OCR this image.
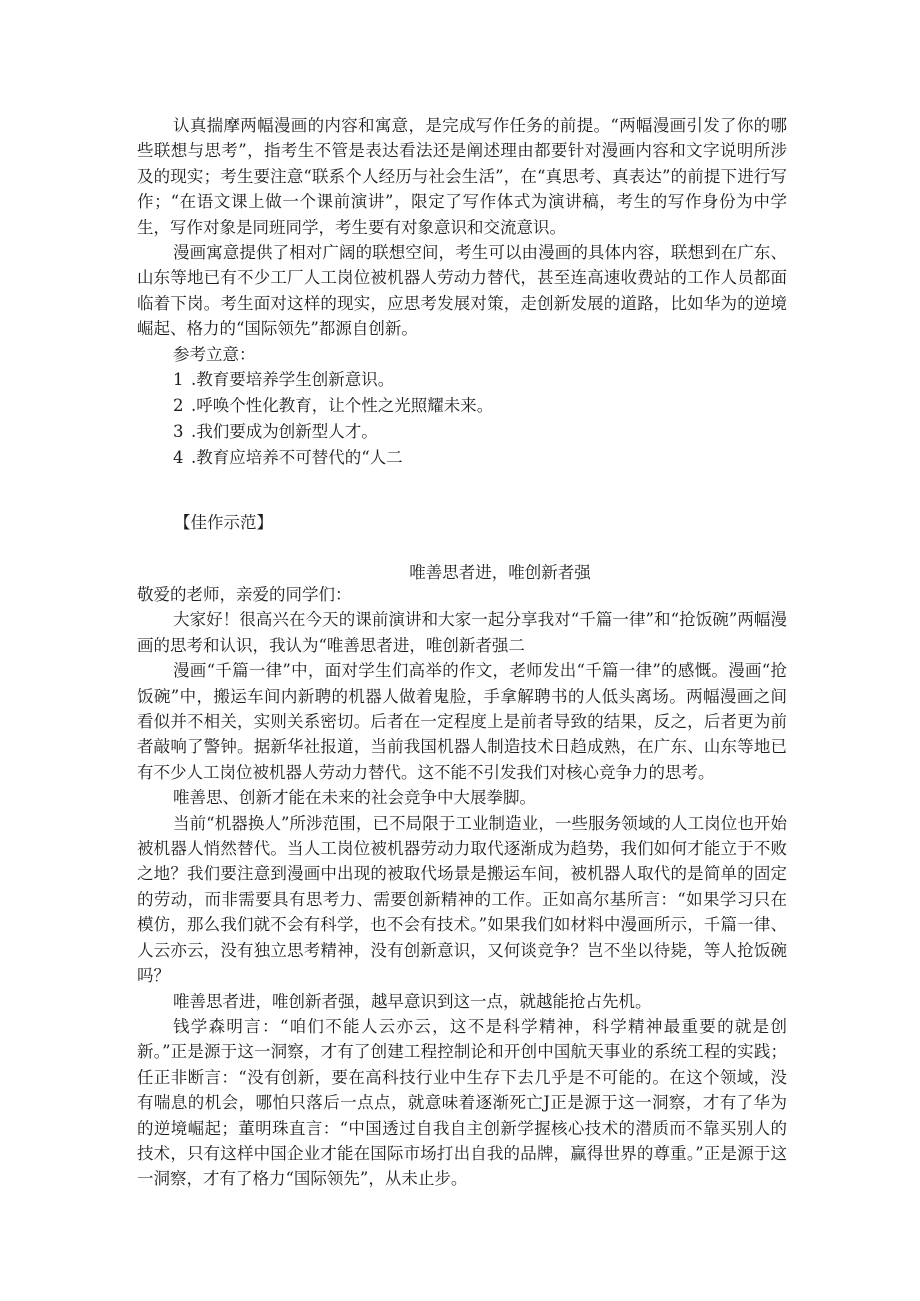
认真揣摩两幅漫画的内容和寓意，是完成写作任务的前提。“两幅漫画引发了你的哪些联想与思考”，指考生不管是表达看法还是阐述理由都要针对漫画内容和文字说明所涉及的现实；考生要注意“联系个人经历与社会生活”，在“真思考、真表达”的前提下进行写作；“在语文课上做一个课前演讲”，限定了写作体式为演讲稿，考生的写作身份为中学生，写作对象是同班同学，考生要有对象意识和交流意识。

漫画寓意提供了相对广阔的联想空间，考生可以由漫画的具体内容，联想到在广东、山东等地已有不少工厂人工岗位被机器人劳动力替代，甚至连高速收费站的工作人员都面临着下岗。考生面对这样的现实，应思考发展对策，走创新发展的道路，比如华为的逆境崛起、格力的“国际领先”都源自创新。

参考立意：

1 .教育要培养学生创新意识。
2 .呼唤个性化教育，让个性之光照耀未来。
3 .我们要成为创新型人才。
4 .教育应培养不可替代的“人二
【佳作示范】
唯善思者进，唯创新者强

敬爱的老师，亲爱的同学们：

大家好！很高兴在今天的课前演讲和大家一起分享我对“千篇一律”和“抢饭碗”两幅漫画的思考和认识，我认为“唯善思者进，唯创新者强二

漫画“千篇一律”中，面对学生们高举的作文，老师发出“千篇一律”的感慨。漫画“抢饭碗”中，搬运车间内新聘的机器人做着鬼脸，手拿解聘书的人低头离场。两幅漫画之间看似并不相关，实则关系密切。后者在一定程度上是前者导致的结果，反之，后者更为前者敲响了警钟。据新华社报道，当前我国机器人制造技术日趋成熟，在广东、山东等地已有不少人工岗位被机器人劳动力替代。这不能不引发我们对核心竞争力的思考。

唯善思、创新才能在未来的社会竞争中大展拳脚。

当前“机器换人”所涉范围，已不局限于工业制造业，一些服务领域的人工岗位也开始被机器人悄然替代。当人工岗位被机器劳动力取代逐渐成为趋势，我们如何才能立于不败之地？我们要注意到漫画中出现的被取代场景是搬运车间，被机器人取代的是简单的固定的劳动，而非需要具有思考力、需要创新精神的工作。正如高尔基所言：“如果学习只在模仿，那么我们就不会有科学，也不会有技术。”如果我们如材料中漫画所示，千篇一律、人云亦云，没有独立思考精神，没有创新意识，又何谈竞争？岂不坐以待毙，等人抢饭碗吗？

唯善思者进，唯创新者强，越早意识到这一点，就越能抢占先机。

钱学森明言：“咱们不能人云亦云，这不是科学精神，科学精神最重要的就是创新。”正是源于这一洞察，才有了创建工程控制论和开创中国航天事业的系统工程的实践；任正非断言：“没有创新，要在高科技行业中生存下去几乎是不可能的。在这个领域，没有喘息的机会，哪怕只落后一点点，就意味着逐渐死亡J正是源于这一洞察，才有了华为的逆境崛起；董明珠直言：“中国透过自我自主创新学握核心技术的潜质而不靠买别人的技术，只有这样中国企业才能在国际市场打出自我的品牌，赢得世界的尊重。”正是源于这一洞察，才有了格力“国际领先”，从未止步。
